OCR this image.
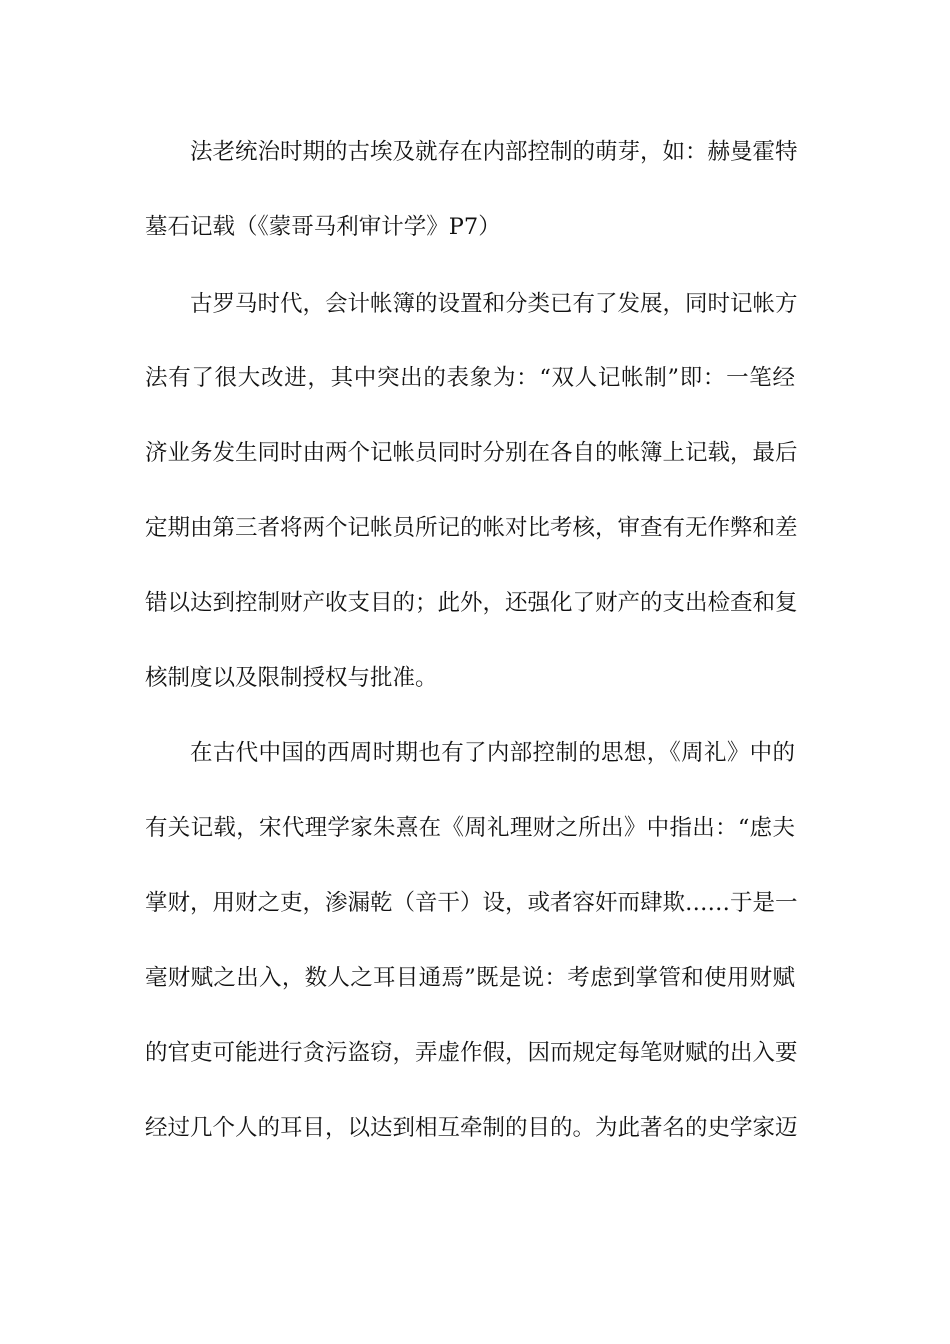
法老统治时期的古埃及就存在内部控制的萌芽，如：赫曼霍特
墓石记载（《蒙哥马利审计学》P7）
古罗马时代，会计帐簿的设置和分类已有了发展，同时记帐方
法有了很大改进，其中突出的表象为：“双人记帐制”即：一笔经
济业务发生同时由两个记帐员同时分别在各自的帐簿上记载，最后
定期由第三者将两个记帐员所记的帐对比考核，审查有无作弊和差
错以达到控制财产收支目的；此外，还强化了财产的支出检查和复
核制度以及限制授权与批准。
在古代中国的西周时期也有了内部控制的思想，《周礼》中的
有关记载，宋代理学家朱熹在《周礼理财之所出》中指出：“虑夫
掌财，用财之吏，渗漏乾（音干）设，或者容奸而肆欺……于是一
毫财赋之出入，数人之耳目通焉”既是说：考虑到掌管和使用财赋
的官吏可能进行贪污盗窃，弄虚作假，因而规定每笔财赋的出入要
经过几个人的耳目，以达到相互牵制的目的。为此著名的史学家迈
